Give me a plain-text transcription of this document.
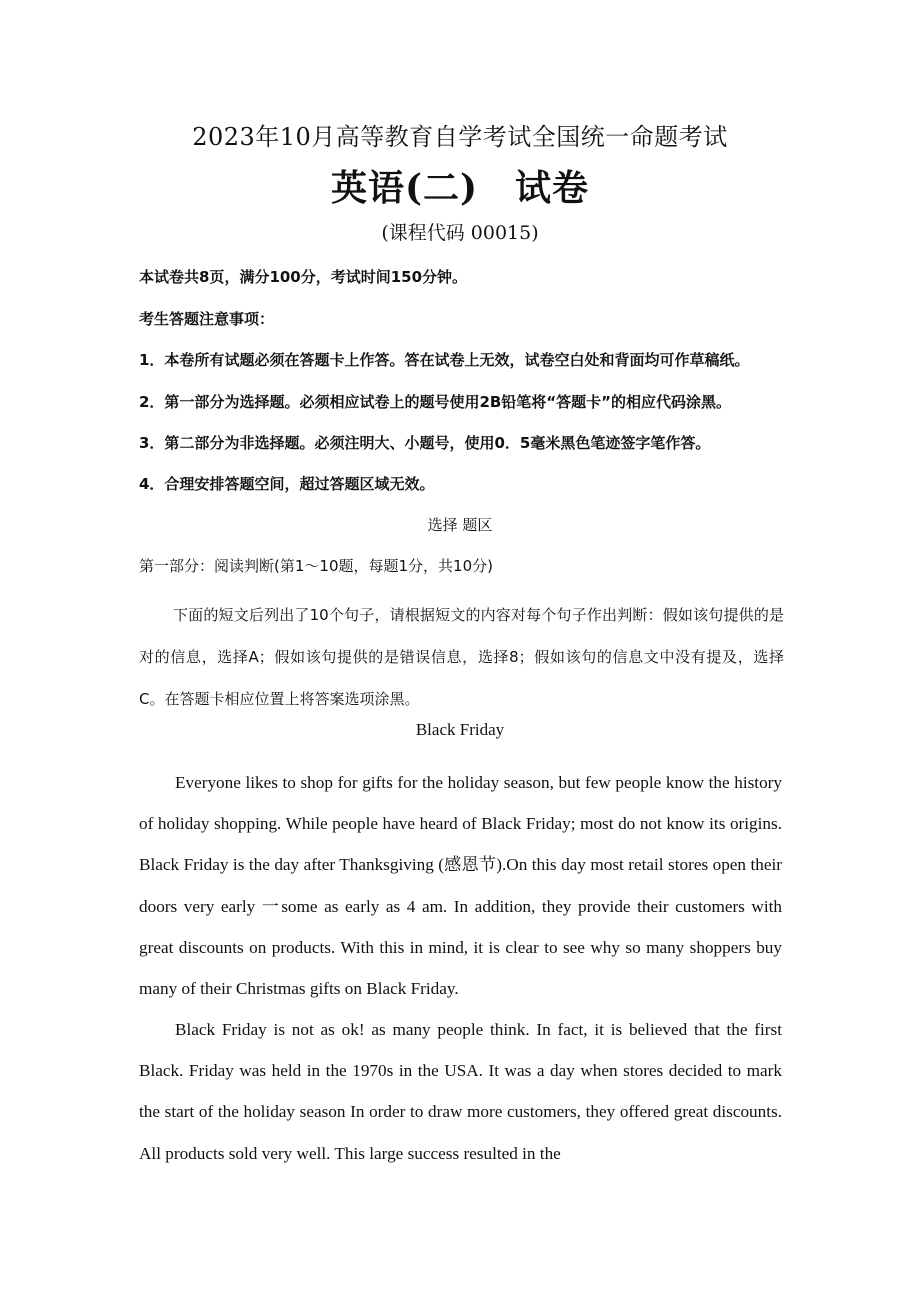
2023年10月高等教育自学考试全国统一命题考试
英语(二)　试卷
(课程代码 00015)
本试卷共8页，满分100分，考试时间150分钟。
考生答题注意事项：
1．本卷所有试题必须在答题卡上作答。答在试卷上无效，试卷空白处和背面均可作草稿纸。
2．第一部分为选择题。必须相应试卷上的题号使用2B铅笔将“答题卡”的相应代码涂黑。
3．第二部分为非选择题。必须注明大、小题号，使用0．5毫米黑色笔迹签字笔作答。
4．合理安排答题空间，超过答题区域无效。
选择 题区
第一部分：阅读判断(第1～10题，每题1分，共10分)
下面的短文后列出了10个句子，请根据短文的内容对每个句子作出判断：假如该句提供的是对的信息，选择A；假如该句提供的是错误信息，选择8；假如该句的信息文中没有提及，选择C。在答题卡相应位置上将答案选项涂黑。
Black Friday
Everyone likes to shop for gifts for the holiday season, but few people know the history of holiday shopping. While people have heard of Black Friday; most do not know its origins. Black Friday is the day after Thanksgiving (感恩节).On this day most retail stores open their doors very early 一some as early as 4 am. In addition, they provide their customers with great discounts on products. With this in mind, it is clear to see why so many shoppers buy many of their Christmas gifts on Black Friday.
Black Friday is not as ok! as many people think. In fact, it is believed that the first Black. Friday was held in the 1970s in the USA. It was a day when stores decided to mark the start of the holiday season In order to draw more customers, they offered great discounts. All products sold very well. This large success resulted in the
